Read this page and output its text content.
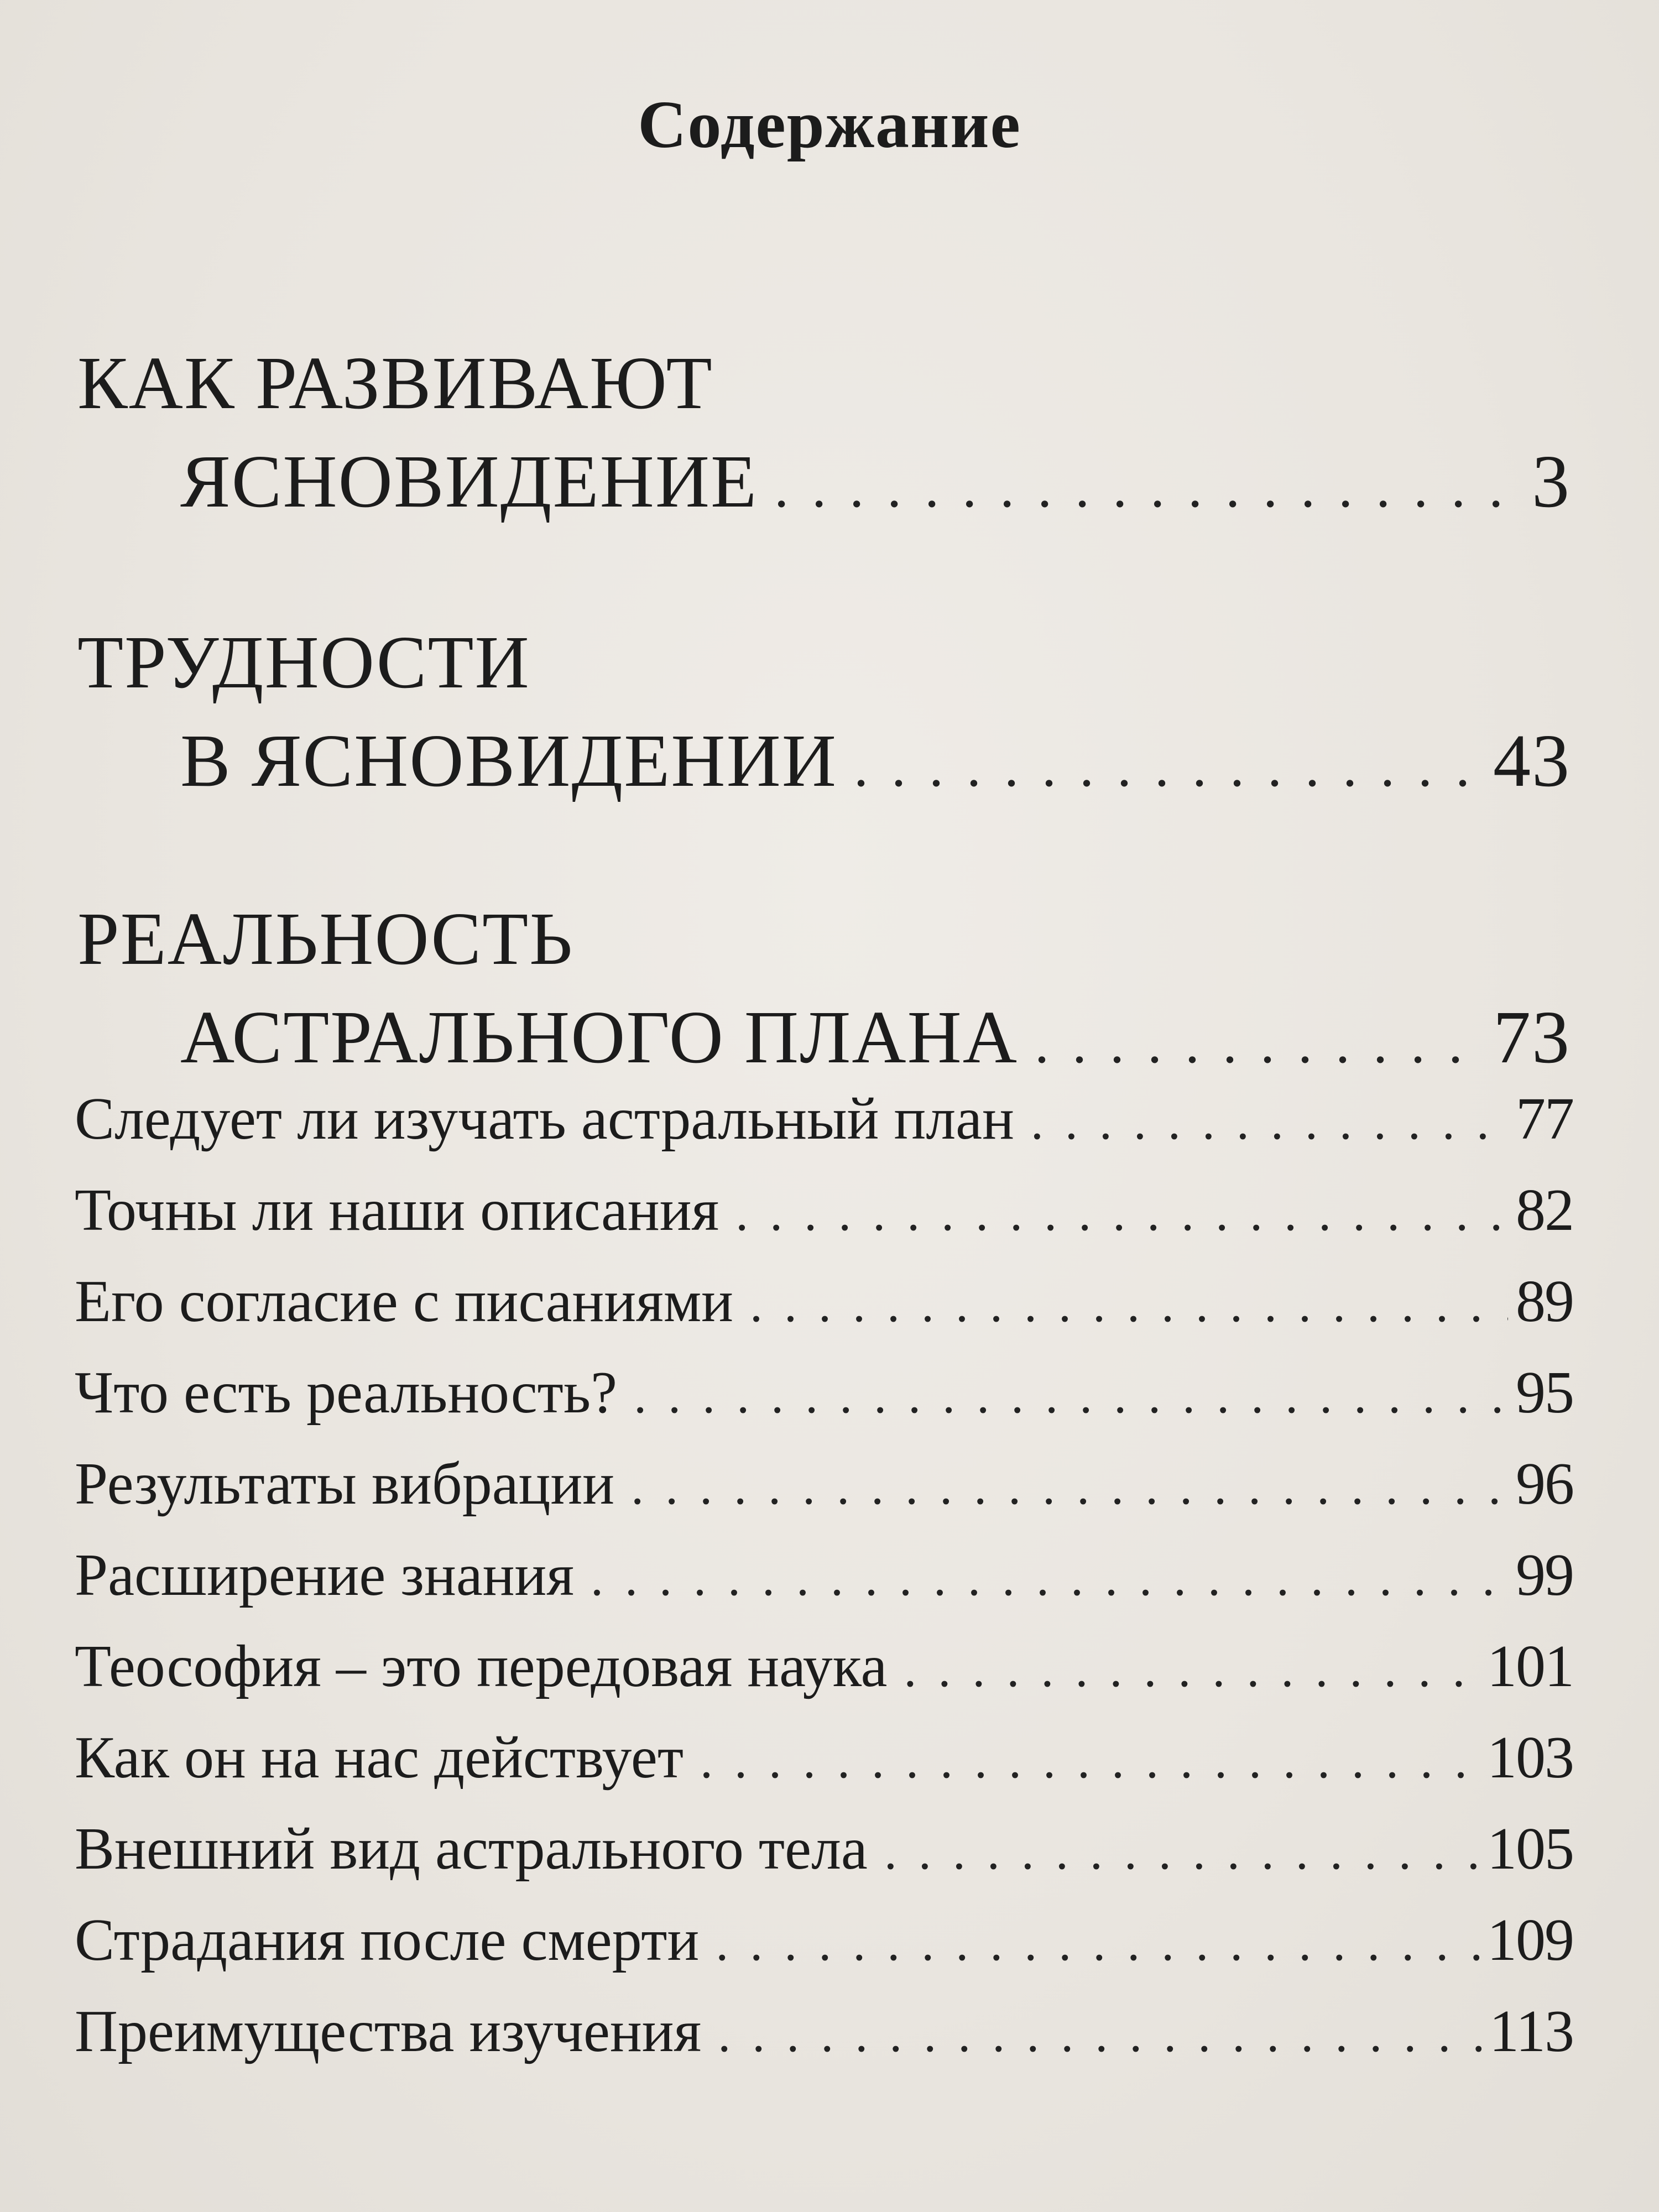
Содержание
КАК РАЗВИВАЮТ
ЯСНОВИДЕНИЕ . . .	3
ТРУДНОСТИ
В ЯСНОВИДЕНИИ . . .	43
РЕАЛЬНОСТЬ
АСТРАЛЬНОГО ПЛАНА . . .	73
Следует ли изучать астральный план . . .	77
Точны ли наши описания . . .	82
Его согласие с писаниями . . .	89
Что есть реальность? . . .	95
Результаты вибрации . . .	96
Расширение знания . . .	99
Теософия – это передовая наука . . .	101
Как он на нас действует . . .	103
Внешний вид астрального тела . . .	105
Страдания после смерти . . .	109
Преимущества изучения . . .	113
